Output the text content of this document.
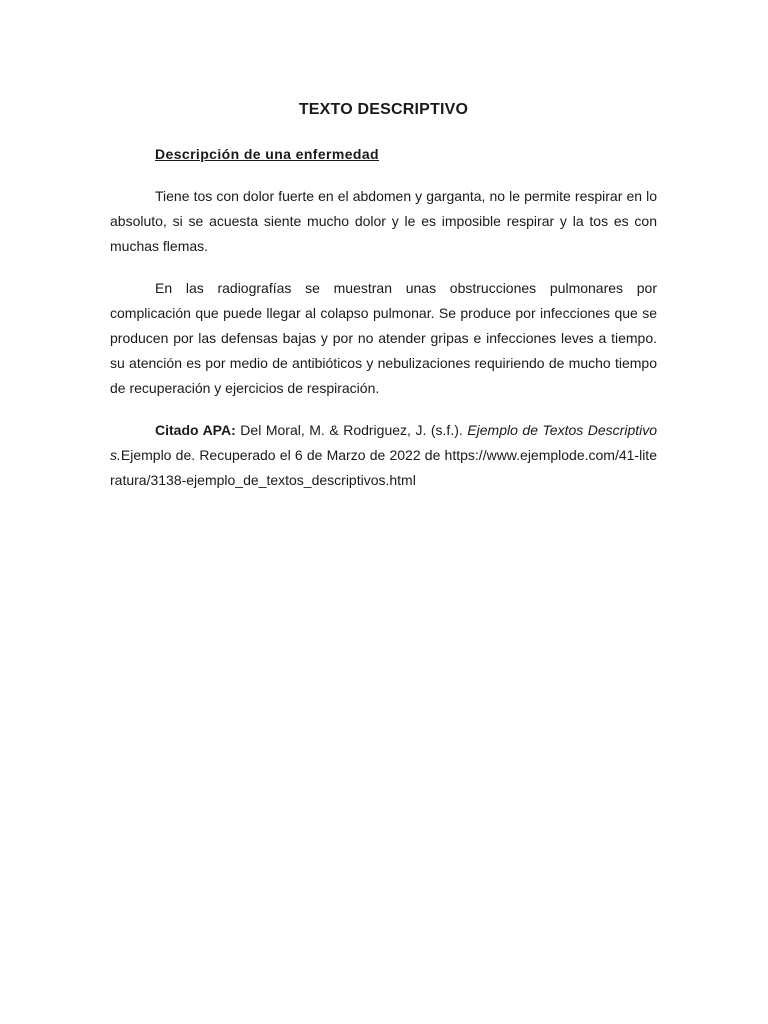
TEXTO DESCRIPTIVO

Descripción de una enfermedad

Tiene tos con dolor fuerte en el abdomen y garganta, no le permite respirar en lo absoluto, si se acuesta siente mucho dolor y le es imposible respirar y la tos es con muchas flemas.

En las radiografías se muestran unas obstrucciones pulmonares por complicación que puede llegar al colapso pulmonar. Se produce por infecciones que se producen por las defensas bajas y por no atender gripas e infecciones leves a tiempo. su atención es por medio de antibióticos y nebulizaciones requiriendo de mucho tiempo de recuperación y ejercicios de respiración.

Citado APA: Del Moral, M. & Rodriguez, J. (s.f.). Ejemplo de Textos Descriptivos.Ejemplo de. Recuperado el 6 de Marzo de 2022 de https://www.ejemplode.com/41-literatura/3138-ejemplo_de_textos_descriptivos.html
